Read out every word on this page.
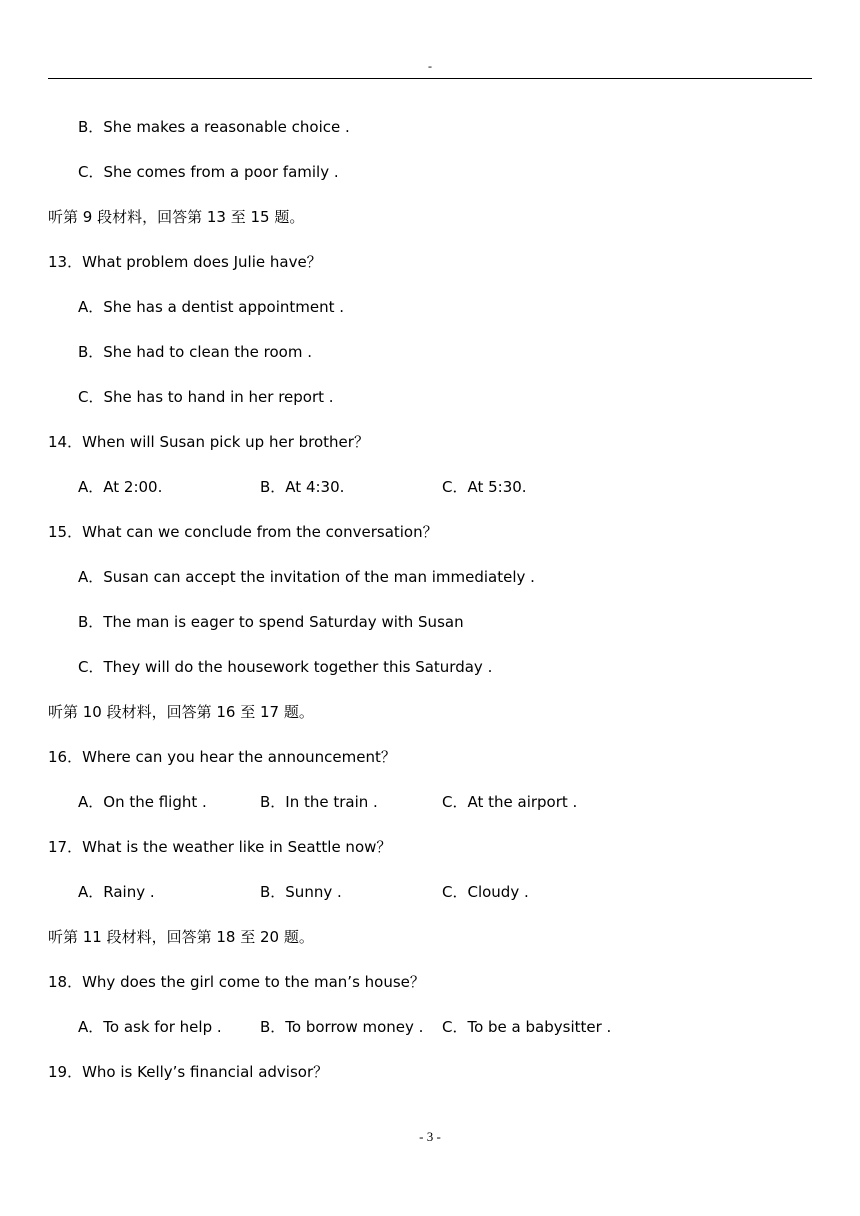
-
B．She makes a reasonable choice .
C．She comes from a poor family .
听第 9 段材料，回答第 13 至 15 题。
13．What problem does Julie have？
A．She has a dentist appointment .
B．She had to clean the room .
C．She has to hand in her report .
14．When will Susan pick up her brother？
A．At 2:00.	B．At 4:30.	C．At 5:30.
15．What can we conclude from the conversation？
A．Susan can accept the invitation of the man immediately .
B．The man is eager to spend Saturday with Susan
C．They will do the housework together this Saturday .
听第 10 段材料，回答第 16 至 17 题。
16．Where can you hear the announcement？
A．On the flight .	B．In the train .	C．At the airport .
17．What is the weather like in Seattle now？
A．Rainy .	B．Sunny .	C．Cloudy .
听第 11 段材料，回答第 18 至 20 题。
18．Why does the girl come to the man’s house？
A．To ask for help .	B．To borrow money . C．To be a babysitter .
19．Who is Kelly’s financial advisor？
- 3 -
